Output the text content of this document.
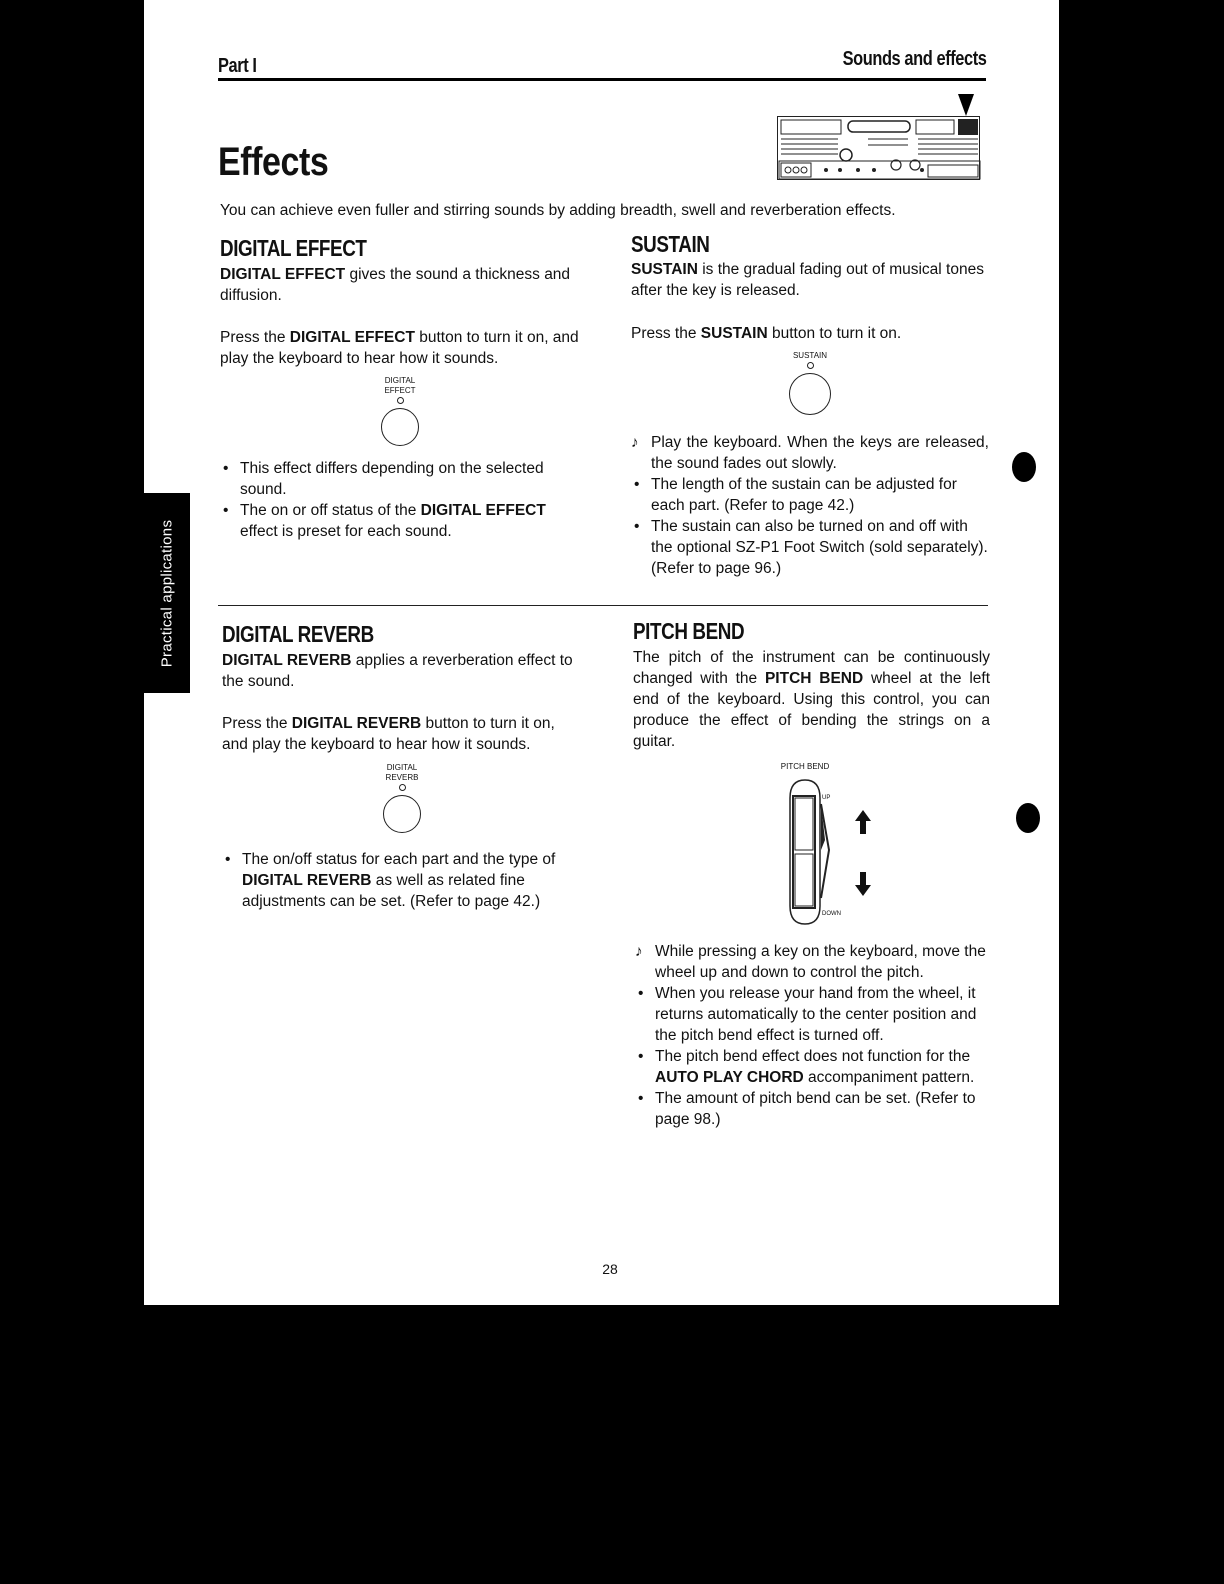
Practical applications
Part I	Sounds and effects
Effects
You can achieve even fuller and stirring sounds by adding breadth, swell and reverberation effects.
DIGITAL EFFECT
DIGITAL EFFECT gives the sound a thickness and diffusion.
Press the DIGITAL EFFECT button to turn it on, and play the keyboard to hear how it sounds.
DIGITAL
EFFECT
• This effect differs depending on the selected sound.
• The on or off status of the DIGITAL EFFECT effect is preset for each sound.
SUSTAIN
SUSTAIN is the gradual fading out of musical tones after the key is released.
Press the SUSTAIN button to turn it on.
SUSTAIN
♪ Play the keyboard. When the keys are released, the sound fades out slowly.
• The length of the sustain can be adjusted for each part. (Refer to page 42.)
• The sustain can also be turned on and off with the optional SZ-P1 Foot Switch (sold separately). (Refer to page 96.)
DIGITAL REVERB
DIGITAL REVERB applies a reverberation effect to the sound.
Press the DIGITAL REVERB button to turn it on, and play the keyboard to hear how it sounds.
DIGITAL
REVERB
• The on/off status for each part and the type of DIGITAL REVERB as well as related fine adjustments can be set. (Refer to page 42.)
PITCH BEND
The pitch of the instrument can be continuously changed with the PITCH BEND wheel at the left end of the keyboard. Using this control, you can produce the effect of bending the strings on a guitar.
PITCH BEND
UP
DOWN
♪ While pressing a key on the keyboard, move the wheel up and down to control the pitch.
• When you release your hand from the wheel, it returns automatically to the center position and the pitch bend effect is turned off.
• The pitch bend effect does not function for the AUTO PLAY CHORD accompaniment pattern.
• The amount of pitch bend can be set. (Refer to page 98.)
28
